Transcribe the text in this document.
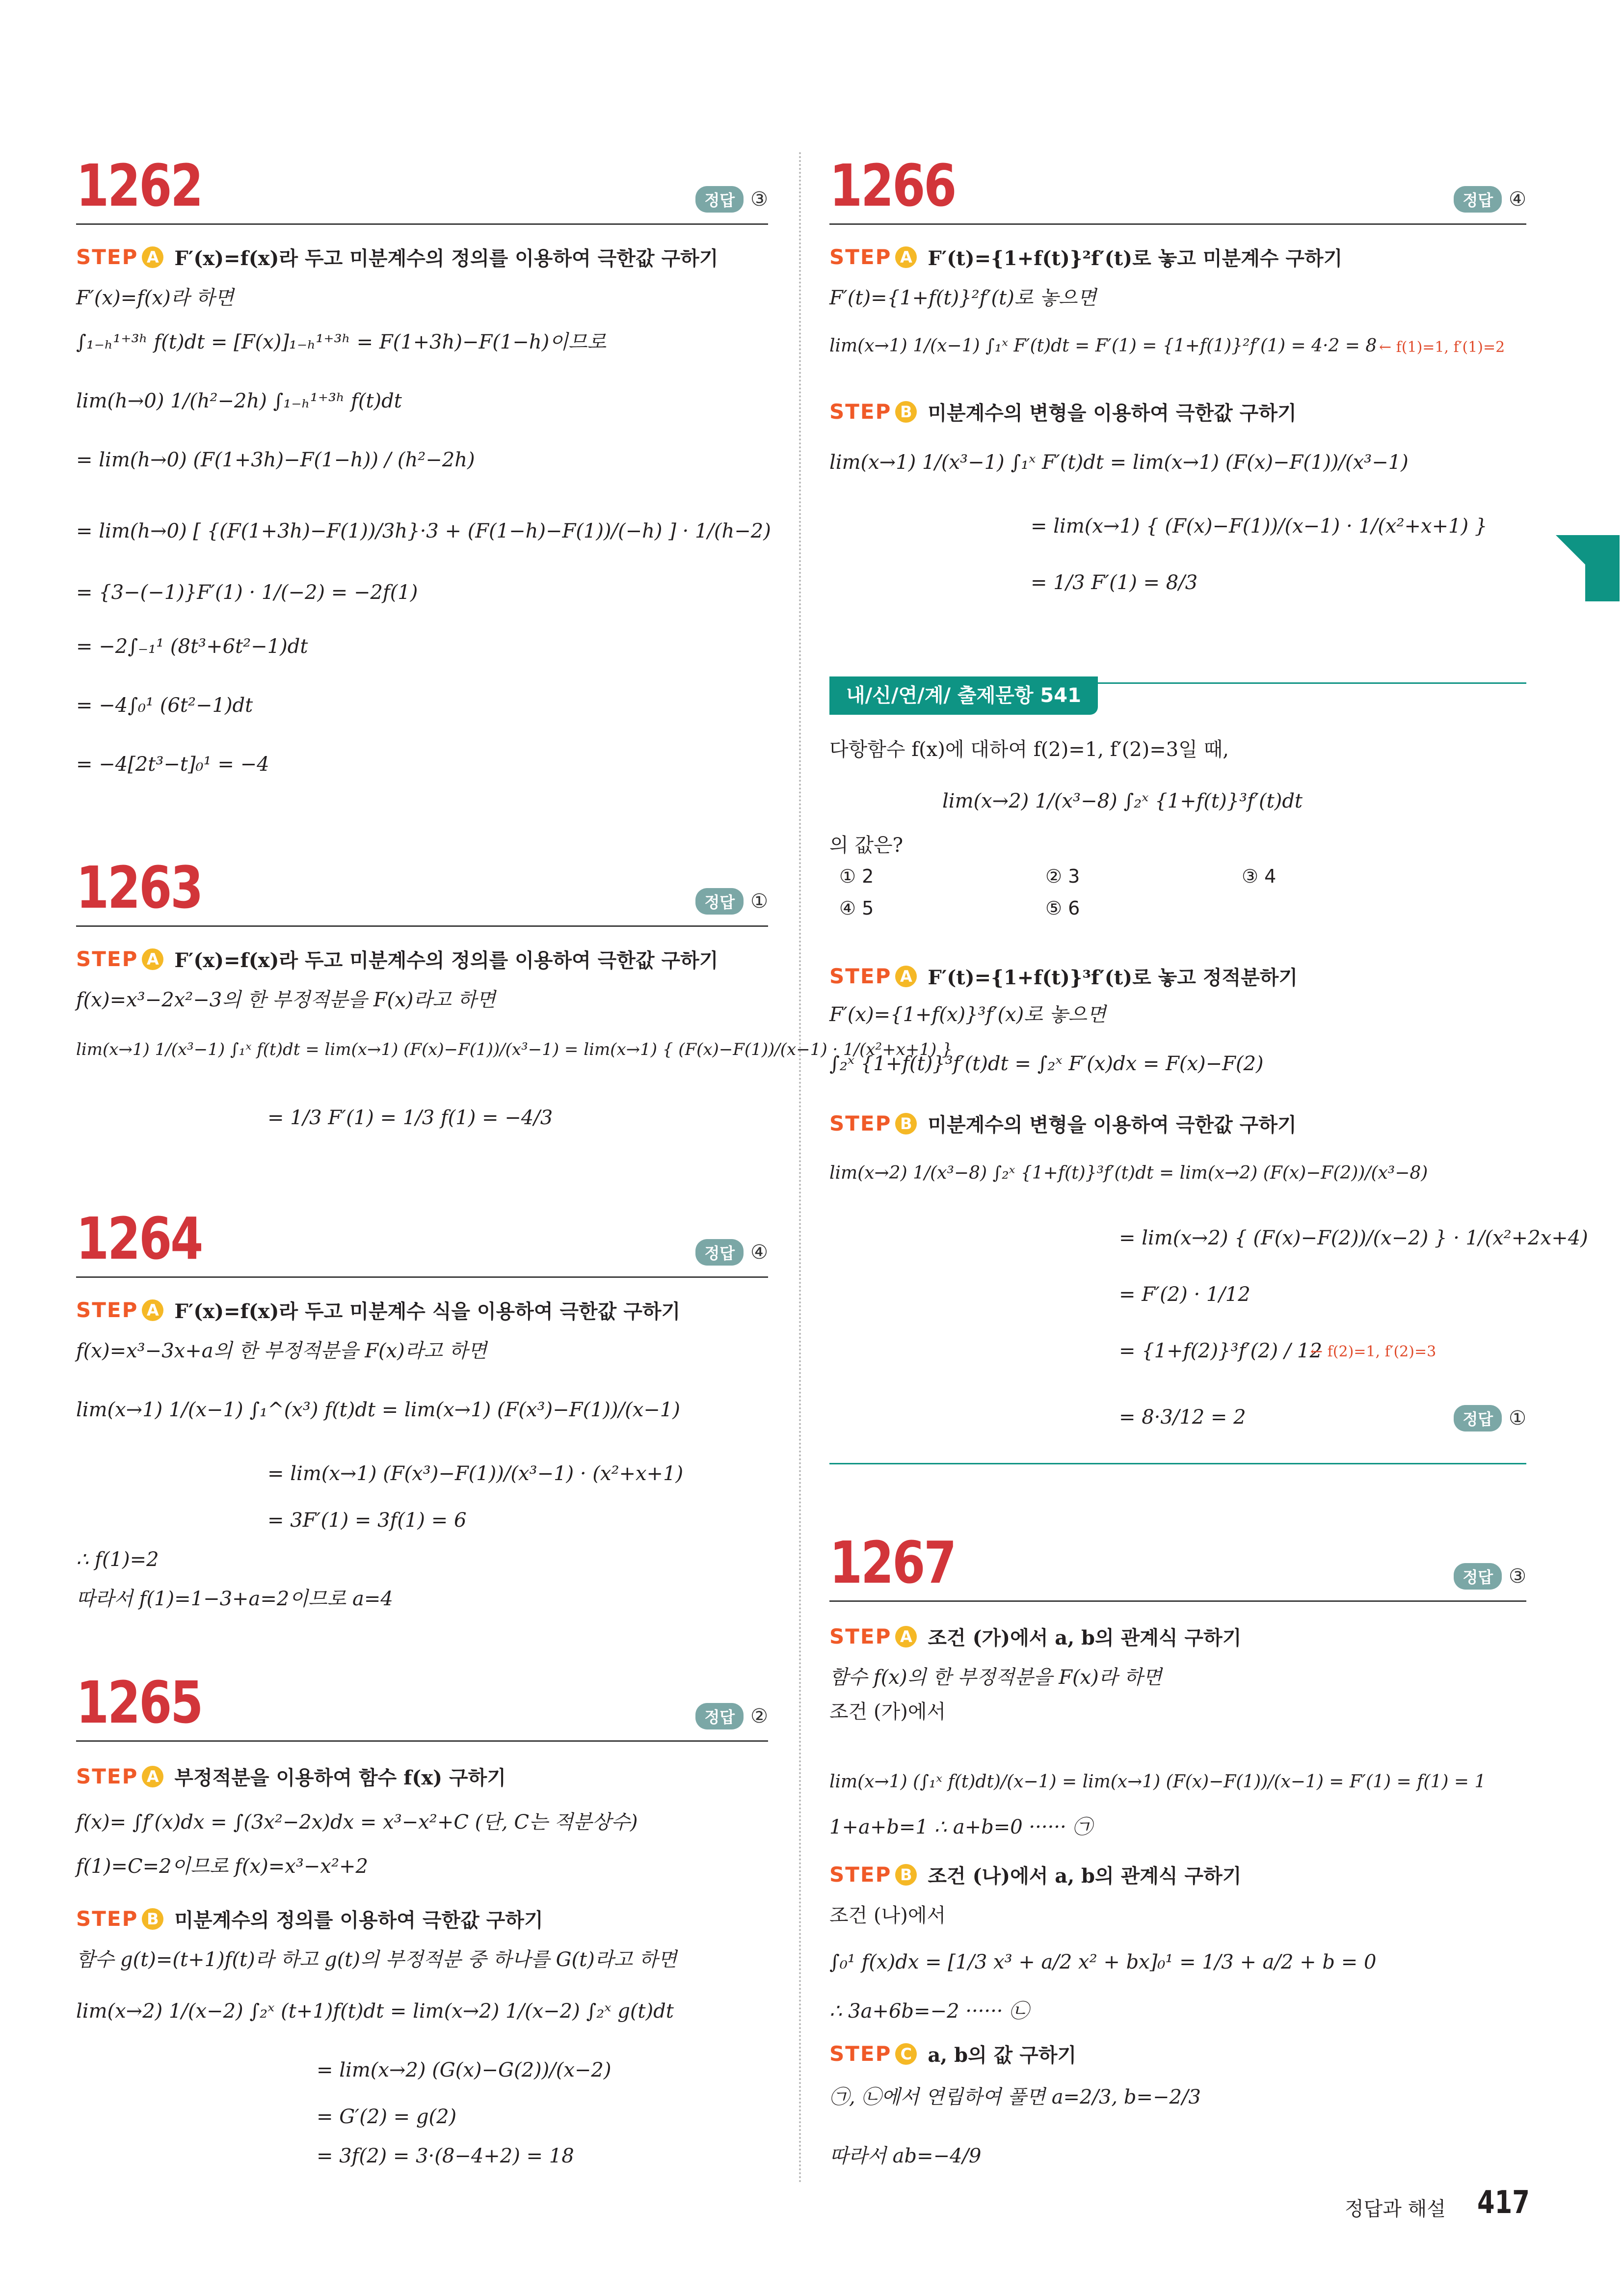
1262	정답 ③
STEP A F′(x)=f(x)라 두고 미분계수의 정의를 이용하여 극한값 구하기
F′(x)=f(x)라 하면
∫₁₋ₕ¹⁺³ʰ f(t)dt = [F(x)]₁₋ₕ¹⁺³ʰ = F(1+3h)−F(1−h)이므로
lim(h→0) 1/(h²−2h) ∫₁₋ₕ¹⁺³ʰ f(t)dt
= lim(h→0) (F(1+3h)−F(1−h)) / (h²−2h)
= lim(h→0) [ {(F(1+3h)−F(1))/3h}·3 + (F(1−h)−F(1))/(−h) ] · 1/(h−2)
= {3−(−1)}F′(1) · 1/(−2) = −2f(1)
= −2∫₋₁¹ (8t³+6t²−1)dt
= −4∫₀¹ (6t²−1)dt
= −4[2t³−t]₀¹ = −4
1263	정답 ①
STEP A F′(x)=f(x)라 두고 미분계수의 정의를 이용하여 극한값 구하기
f(x)=x³−2x²−3의 한 부정적분을 F(x)라고 하면
lim(x→1) 1/(x³−1) ∫₁ˣ f(t)dt = lim(x→1) (F(x)−F(1))/(x³−1) = lim(x→1) { (F(x)−F(1))/(x−1) · 1/(x²+x+1) }
= 1/3 F′(1) = 1/3 f(1) = −4/3
1264	정답 ④
STEP A F′(x)=f(x)라 두고 미분계수 식을 이용하여 극한값 구하기
f(x)=x³−3x+a의 한 부정적분을 F(x)라고 하면
lim(x→1) 1/(x−1) ∫₁^(x³) f(t)dt = lim(x→1) (F(x³)−F(1))/(x−1)
= lim(x→1) (F(x³)−F(1))/(x³−1) · (x²+x+1)
= 3F′(1) = 3f(1) = 6
∴ f(1)=2
따라서 f(1)=1−3+a=2이므로 a=4
1265	정답 ②
STEP A 부정적분을 이용하여 함수 f(x) 구하기
f(x)= ∫f′(x)dx = ∫(3x²−2x)dx = x³−x²+C (단, C는 적분상수)
f(1)=C=2이므로 f(x)=x³−x²+2
STEP B 미분계수의 정의를 이용하여 극한값 구하기
함수 g(t)=(t+1)f(t)라 하고 g(t)의 부정적분 중 하나를 G(t)라고 하면
lim(x→2) 1/(x−2) ∫₂ˣ (t+1)f(t)dt = lim(x→2) 1/(x−2) ∫₂ˣ g(t)dt
= lim(x→2) (G(x)−G(2))/(x−2)
= G′(2) = g(2)
= 3f(2) = 3·(8−4+2) = 18
1266	정답 ④
STEP A F′(t)={1+f(t)}²f′(t)로 놓고 미분계수 구하기
F′(t)={1+f(t)}²f′(t)로 놓으면
lim(x→1) 1/(x−1) ∫₁ˣ F′(t)dt = F′(1) = {1+f(1)}²f′(1) = 4·2 = 8 ← f(1)=1, f′(1)=2
STEP B 미분계수의 변형을 이용하여 극한값 구하기
lim(x→1) 1/(x³−1) ∫₁ˣ F′(t)dt = lim(x→1) (F(x)−F(1))/(x³−1)
= lim(x→1) { (F(x)−F(1))/(x−1) · 1/(x²+x+1) }
= 1/3 F′(1) = 8/3
내/신/연/계/ 출제문항 541
다항함수 f(x)에 대하여 f(2)=1, f′(2)=3일 때,
lim(x→2) 1/(x³−8) ∫₂ˣ {1+f(t)}³f′(t)dt
의 값은?
① 2	② 3	③ 4
④ 5	⑤ 6
STEP A F′(t)={1+f(t)}³f′(t)로 놓고 정적분하기
F′(x)={1+f(x)}³f′(x)로 놓으면
∫₂ˣ {1+f(t)}³f′(t)dt = ∫₂ˣ F′(x)dx = F(x)−F(2)
STEP B 미분계수의 변형을 이용하여 극한값 구하기
lim(x→2) 1/(x³−8) ∫₂ˣ {1+f(t)}³f′(t)dt = lim(x→2) (F(x)−F(2))/(x³−8)
= lim(x→2) { (F(x)−F(2))/(x−2) } · 1/(x²+2x+4)
= F′(2) · 1/12
= {1+f(2)}³f′(2) / 12
← f(2)=1, f′(2)=3
= 8·3/12 = 2	정답 ①
1267	정답 ③
STEP A 조건 (가)에서 a, b의 관계식 구하기
함수 f(x)의 한 부정적분을 F(x)라 하면
조건 (가)에서
lim(x→1) (∫₁ˣ f(t)dt)/(x−1) = lim(x→1) (F(x)−F(1))/(x−1) = F′(1) = f(1) = 1
1+a+b=1 ∴ a+b=0 ······ ㉠
STEP B 조건 (나)에서 a, b의 관계식 구하기
조건 (나)에서
∫₀¹ f(x)dx = [1/3 x³ + a/2 x² + bx]₀¹ = 1/3 + a/2 + b = 0
∴ 3a+6b=−2 ······ ㉡
STEP C a, b의 값 구하기
㉠, ㉡에서 연립하여 풀면 a=2/3, b=−2/3
따라서 ab=−4/9
정답과 해설 417
